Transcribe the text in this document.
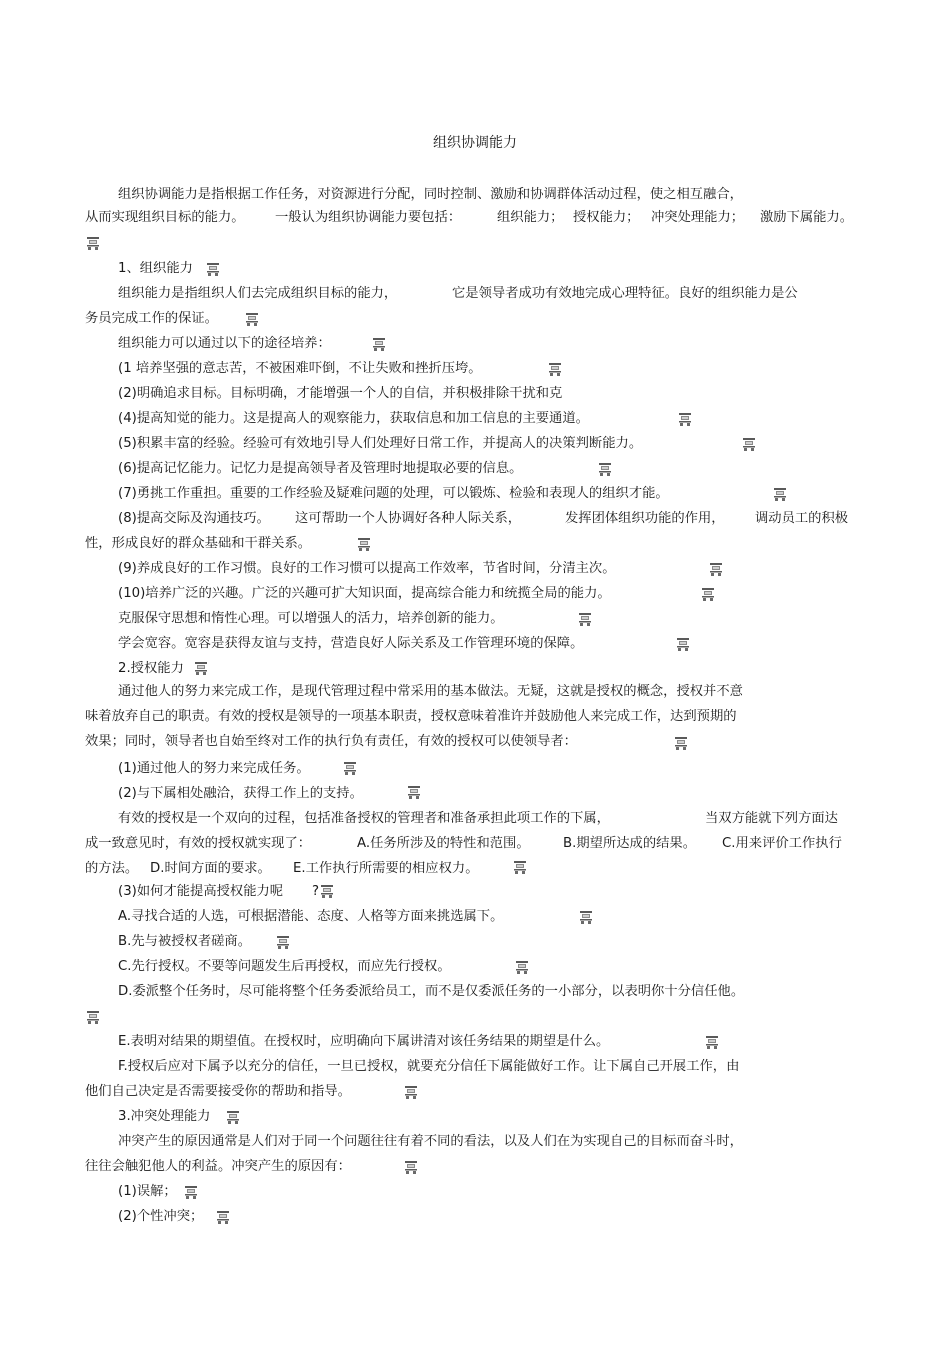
组织协调能力
组织协调能力是指根据工作任务，对资源进行分配，同时控制、激励和协调群体活动过程，使之相互融合，
从而实现组织目标的能力。 一般认为组织协调能力要包括：	组织能力； 授权能力； 冲突处理能力； 激励下属能力。
1、组织能力
组织能力是指组织人们去完成组织目标的能力，	它是领导者成功有效地完成心理特征。良好的组织能力是公
务员完成工作的保证。
组织能力可以通过以下的途径培养：
(1 培养坚强的意志苦，不被困难吓倒，不让失败和挫折压垮。
(2)明确追求目标。目标明确，才能增强一个人的自信，并积极排除干扰和克
(4)提高知觉的能力。这是提高人的观察能力，获取信息和加工信息的主要通道。
(5)积累丰富的经验。经验可有效地引导人们处理好日常工作，并提高人的决策判断能力。
(6)提高记忆能力。记忆力是提高领导者及管理时地提取必要的信息。
(7)勇挑工作重担。重要的工作经验及疑难问题的处理，可以锻炼、检验和表现人的组织才能。
(8)提高交际及沟通技巧。 这可帮助一个人协调好各种人际关系，	发挥团体组织功能的作用， 调动员工的积极
性，形成良好的群众基础和干群关系。
(9)养成良好的工作习惯。良好的工作习惯可以提高工作效率，节省时间，分清主次。
(10)培养广泛的兴趣。广泛的兴趣可扩大知识面，提高综合能力和统揽全局的能力。
克服保守思想和惰性心理。可以增强人的活力，培养创新的能力。
学会宽容。宽容是获得友谊与支持，营造良好人际关系及工作管理环境的保障。
2.授权能力
通过他人的努力来完成工作，是现代管理过程中常采用的基本做法。无疑，这就是授权的概念，授权并不意
味着放弃自己的职责。有效的授权是领导的一项基本职责，授权意味着准许并鼓励他人来完成工作，达到预期的
效果；同时，领导者也自始至终对工作的执行负有责任，有效的授权可以使领导者：
(1)通过他人的努力来完成任务。
(2)与下属相处融洽，获得工作上的支持。
有效的授权是一个双向的过程，包括准备授权的管理者和准备承担此项工作的下属，	当双方能就下列方面达
成一致意见时，有效的授权就实现了：	A.任务所涉及的特性和范围。	B.期望所达成的结果。 C.用来评价工作执行
的方法。 D.时间方面的要求。 E.工作执行所需要的相应权力。
(3)如何才能提高授权能力呢 ?
A.寻找合适的人选，可根据潜能、态度、人格等方面来挑选属下。
B.先与被授权者磋商。
C.先行授权。不要等问题发生后再授权，而应先行授权。
D.委派整个任务时，尽可能将整个任务委派给员工，而不是仅委派任务的一小部分，以表明你十分信任他。
E.表明对结果的期望值。在授权时，应明确向下属讲清对该任务结果的期望是什么。
F.授权后应对下属予以充分的信任，一旦已授权，就要充分信任下属能做好工作。让下属自己开展工作，由
他们自己决定是否需要接受你的帮助和指导。
3.冲突处理能力
冲突产生的原因通常是人们对于同一个问题往往有着不同的看法，以及人们在为实现自己的目标而奋斗时，
往往会触犯他人的利益。冲突产生的原因有：
(1)误解；
(2)个性冲突；
